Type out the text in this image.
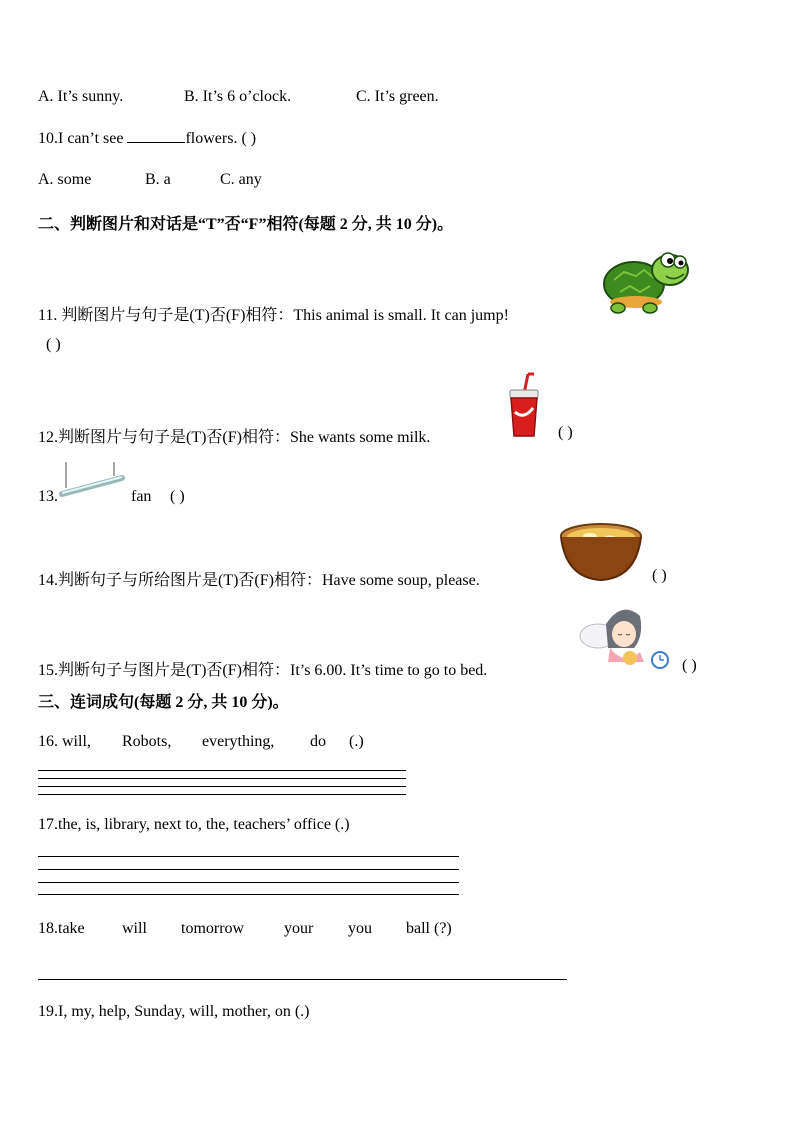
A. It’s sunny.	B. It’s 6 o’clock.	C. It’s green.
10.I can’t see	flowers. ( )
A. some	B. a	C. any
二、判断图片和对话是“T”否“F”相符(每题 2 分, 共 10 分)。
11. 判断图片与句子是(T)否(F)相符：This animal is small. It can jump!
( )
12.判断图片与句子是(T)否(F)相符：She wants some milk.	( )
13.	fan ( )
14.判断句子与所给图片是(T)否(F)相符：Have some soup, please.	( )
15.判断句子与图片是(T)否(F)相符：It’s 6.00. It’s time to go to bed.	( )
三、连词成句(每题 2 分, 共 10 分)。
16. will, Robots, everything, do (.)
17.the, is, library, next to, the, teachers’ office (.)
18.take will tomorrow your you ball (?)
19.I, my, help, Sunday, will, mother, on (.)
